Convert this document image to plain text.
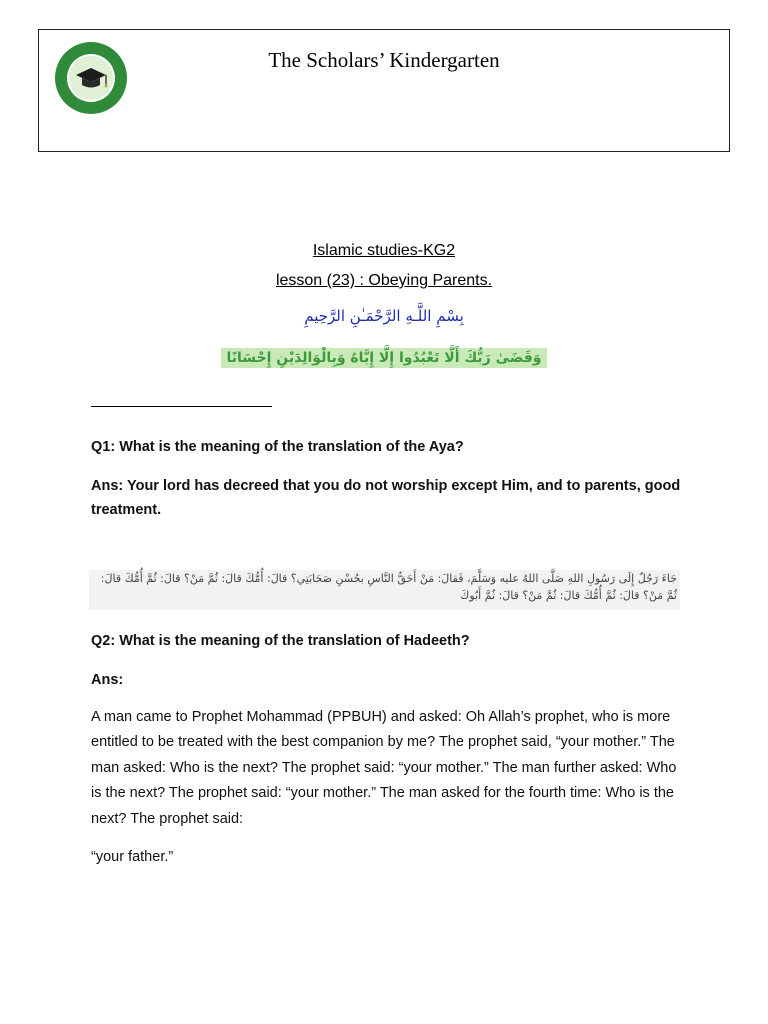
The Scholars’ Kindergarten
Islamic studies-KG2
lesson (23) : Obeying Parents.
بِسْمِ اللَّـهِ الرَّحْمَـٰنِ الرَّحِيمِ
وَقَضَىٰ رَبُّكَ أَلَّا تَعْبُدُوا إِلَّا إِيَّاهُ وَبِالْوَالِدَيْنِ إِحْسَانًا
Q1: What is the meaning of the translation of the Aya?
Ans: Your lord has decreed that you do not worship except Him, and to parents, good treatment.
جَاءَ رَجُلٌ إِلَى رَسُولِ اللهِ صَلَّى اللهُ عليه وَسَلَّمَ، فَقالَ: مَنْ أَحَقُّ النَّاسِ بحُسْنِ صَحَابَتِي؟ قالَ: أُمُّكَ قالَ: ثُمَّ مَنْ؟ قالَ: ثُمَّ أُمُّكَ قالَ: ثُمَّ مَنْ؟ قالَ: ثُمَّ أُمُّكَ قالَ: ثُمَّ مَنْ؟ قالَ: ثُمَّ أَبُوكَ
Q2: What is the meaning of the translation of Hadeeth?
Ans:
A man came to Prophet Mohammad (PPBUH) and asked: Oh Allah’s prophet, who is more entitled to be treated with the best companion by me? The prophet said, “your mother.” The man asked: Who is the next? The prophet said: “your mother.” The man further asked: Who is the next? The prophet said: “your mother.” The man asked for the fourth time: Who is the next? The prophet said:
“your father.”
